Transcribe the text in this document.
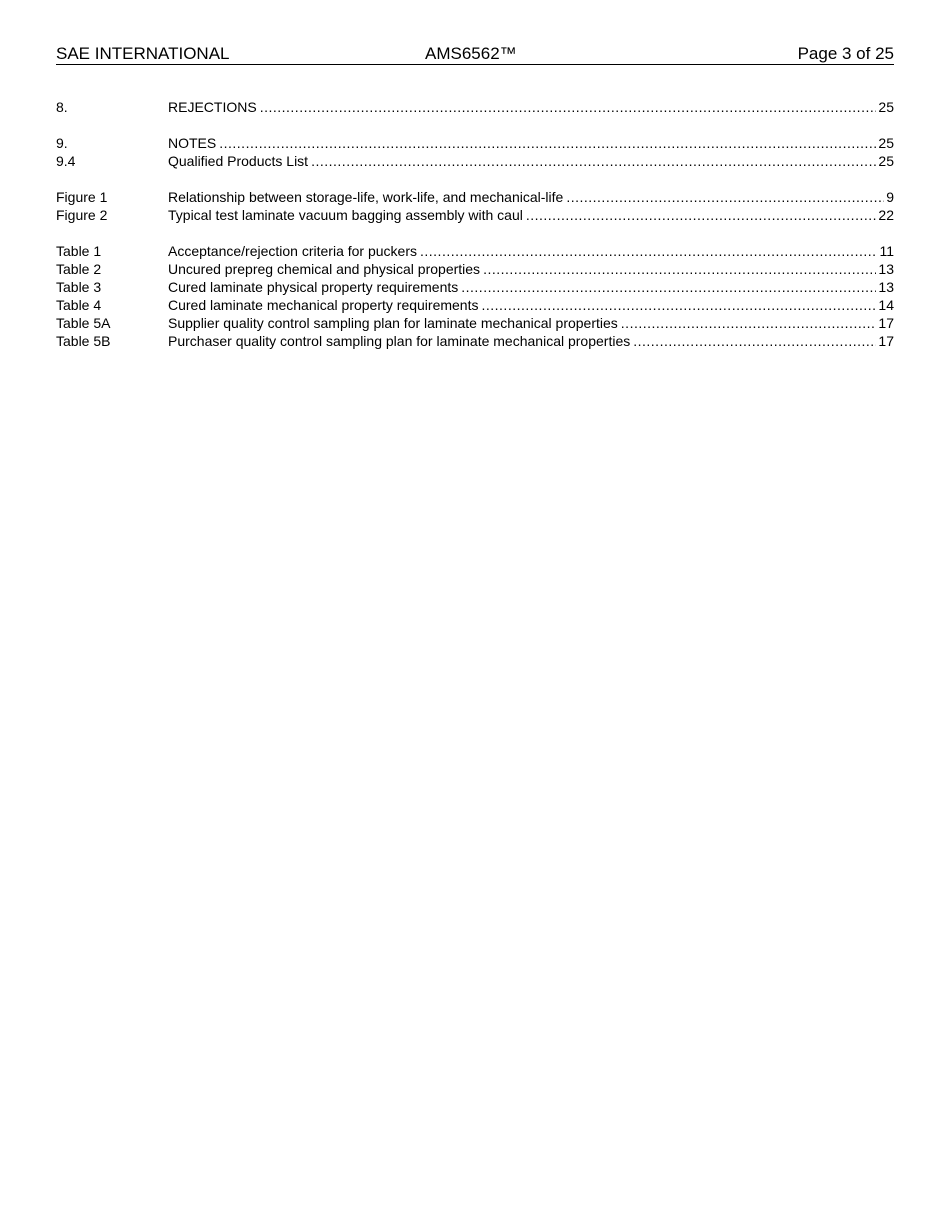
SAE INTERNATIONAL	AMS6562™	Page 3 of 25
8.	REJECTIONS .....	25
9.	NOTES .....	25
9.4	Qualified Products List .....	25
Figure 1	Relationship between storage-life, work-life, and mechanical-life .....	9
Figure 2	Typical test laminate vacuum bagging assembly with caul .....	22
Table 1	Acceptance/rejection criteria for puckers .....	11
Table 2	Uncured prepreg chemical and physical properties .....	13
Table 3	Cured laminate physical property requirements .....	13
Table 4	Cured laminate mechanical property requirements .....	14
Table 5A	Supplier quality control sampling plan for laminate mechanical properties .....	17
Table 5B	Purchaser quality control sampling plan for laminate mechanical properties .....	17
